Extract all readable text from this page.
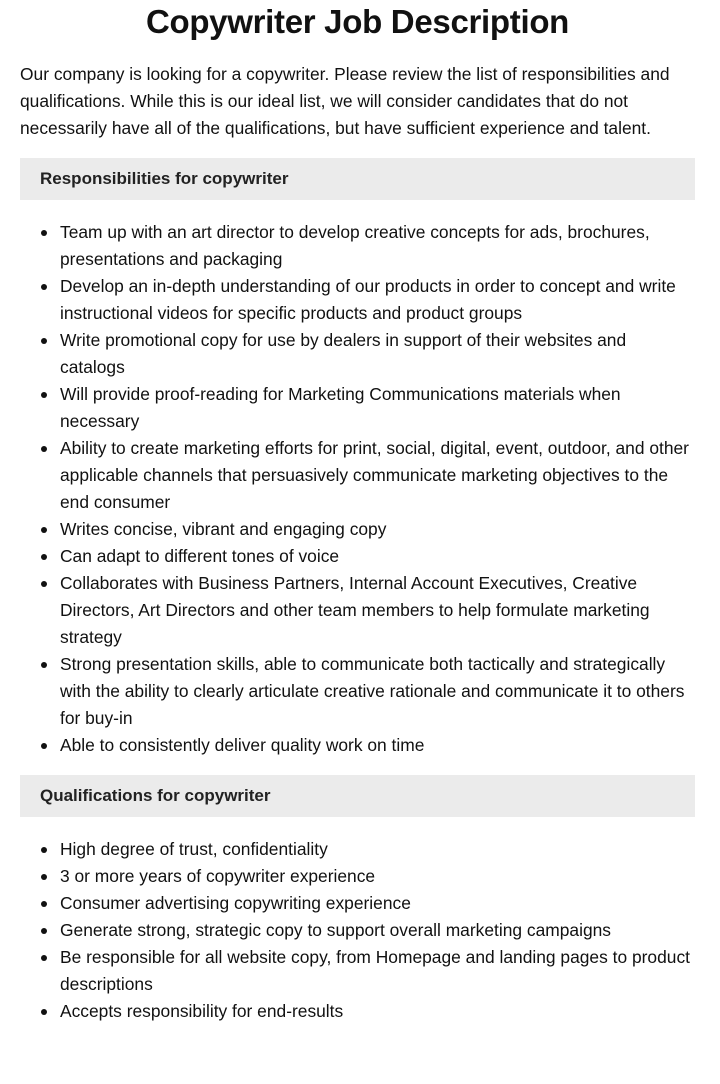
Copywriter Job Description

Our company is looking for a copywriter. Please review the list of responsibilities and qualifications. While this is our ideal list, we will consider candidates that do not necessarily have all of the qualifications, but have sufficient experience and talent.

Responsibilities for copywriter
Team up with an art director to develop creative concepts for ads, brochures, presentations and packaging
Develop an in-depth understanding of our products in order to concept and write instructional videos for specific products and product groups
Write promotional copy for use by dealers in support of their websites and catalogs
Will provide proof-reading for Marketing Communications materials when necessary
Ability to create marketing efforts for print, social, digital, event, outdoor, and other applicable channels that persuasively communicate marketing objectives to the end consumer
Writes concise, vibrant and engaging copy
Can adapt to different tones of voice
Collaborates with Business Partners, Internal Account Executives, Creative Directors, Art Directors and other team members to help formulate marketing strategy
Strong presentation skills, able to communicate both tactically and strategically with the ability to clearly articulate creative rationale and communicate it to others for buy-in
Able to consistently deliver quality work on time
Qualifications for copywriter
High degree of trust, confidentiality
3 or more years of copywriter experience
Consumer advertising copywriting experience
Generate strong, strategic copy to support overall marketing campaigns
Be responsible for all website copy, from Homepage and landing pages to product descriptions
Accepts responsibility for end-results
